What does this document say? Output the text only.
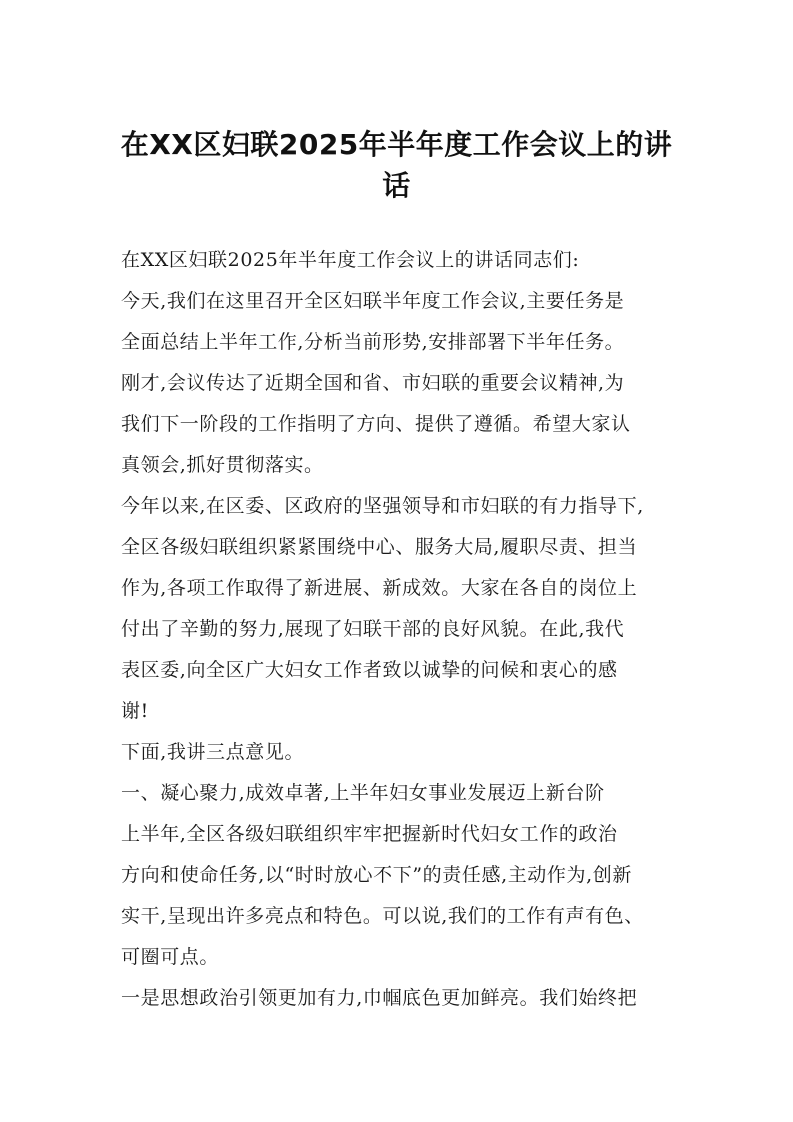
在XX区妇联2025年半年度工作会议上的讲
话
在XX区妇联2025年半年度工作会议上的讲话同志们:
今天,我们在这里召开全区妇联半年度工作会议,主要任务是
全面总结上半年工作,分析当前形势,安排部署下半年任务。
刚才,会议传达了近期全国和省、市妇联的重要会议精神,为
我们下一阶段的工作指明了方向、提供了遵循。希望大家认
真领会,抓好贯彻落实。
今年以来,在区委、区政府的坚强领导和市妇联的有力指导下,
全区各级妇联组织紧紧围绕中心、服务大局,履职尽责、担当
作为,各项工作取得了新进展、新成效。大家在各自的岗位上
付出了辛勤的努力,展现了妇联干部的良好风貌。在此,我代
表区委,向全区广大妇女工作者致以诚挚的问候和衷心的感
谢!
下面,我讲三点意见。
一、凝心聚力,成效卓著,上半年妇女事业发展迈上新台阶
上半年,全区各级妇联组织牢牢把握新时代妇女工作的政治
方向和使命任务,以“时时放心不下”的责任感,主动作为,创新
实干,呈现出许多亮点和特色。可以说,我们的工作有声有色、
可圈可点。
一是思想政治引领更加有力,巾帼底色更加鲜亮。我们始终把
